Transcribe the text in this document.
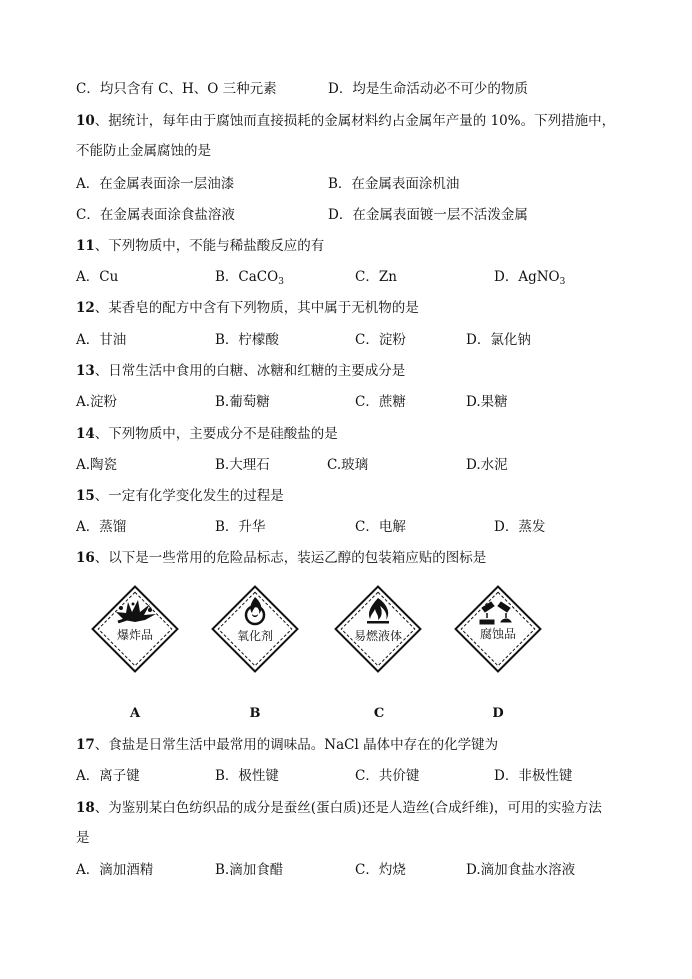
C．均只含有 C、H、O 三种元素	D．均是生命活动必不可少的物质
10、据统计，每年由于腐蚀而直接损耗的金属材料约占金属年产量的 10%。下列措施中，
不能防止金属腐蚀的是
A．在金属表面涂一层油漆	B．在金属表面涂机油
C．在金属表面涂食盐溶液	D．在金属表面镀一层不活泼金属
11、下列物质中，不能与稀盐酸反应的有
A．Cu	B．CaCO$_3$	C．Zn	D．AgNO$_3$
12、某香皂的配方中含有下列物质，其中属于无机物的是
A．甘油	B．柠檬酸	C．淀粉	D．氯化钠
13、日常生活中食用的白糖、冰糖和红糖的主要成分是
A.淀粉	B.葡萄糖	C．蔗糖	D.果糖
14、下列物质中，主要成分不是硅酸盐的是
A.陶瓷	B.大理石	C.玻璃	D.水泥
15、一定有化学变化发生的过程是
A．蒸馏	B．升华	C．电解	D．蒸发
16、以下是一些常用的危险品标志，装运乙醇的包装箱应贴的图标是
爆炸品
A
氧化剂
B
易燃液体
C
腐蚀品
D
17、食盐是日常生活中最常用的调味品。NaCl 晶体中存在的化学键为
A．离子键	B．极性键	C．共价键	D．非极性键
18、为鉴别某白色纺织品的成分是蚕丝(蛋白质)还是人造丝(合成纤维)，可用的实验方法
是
A．滴加酒精	B.滴加食醋	C．灼烧	D.滴加食盐水溶液
